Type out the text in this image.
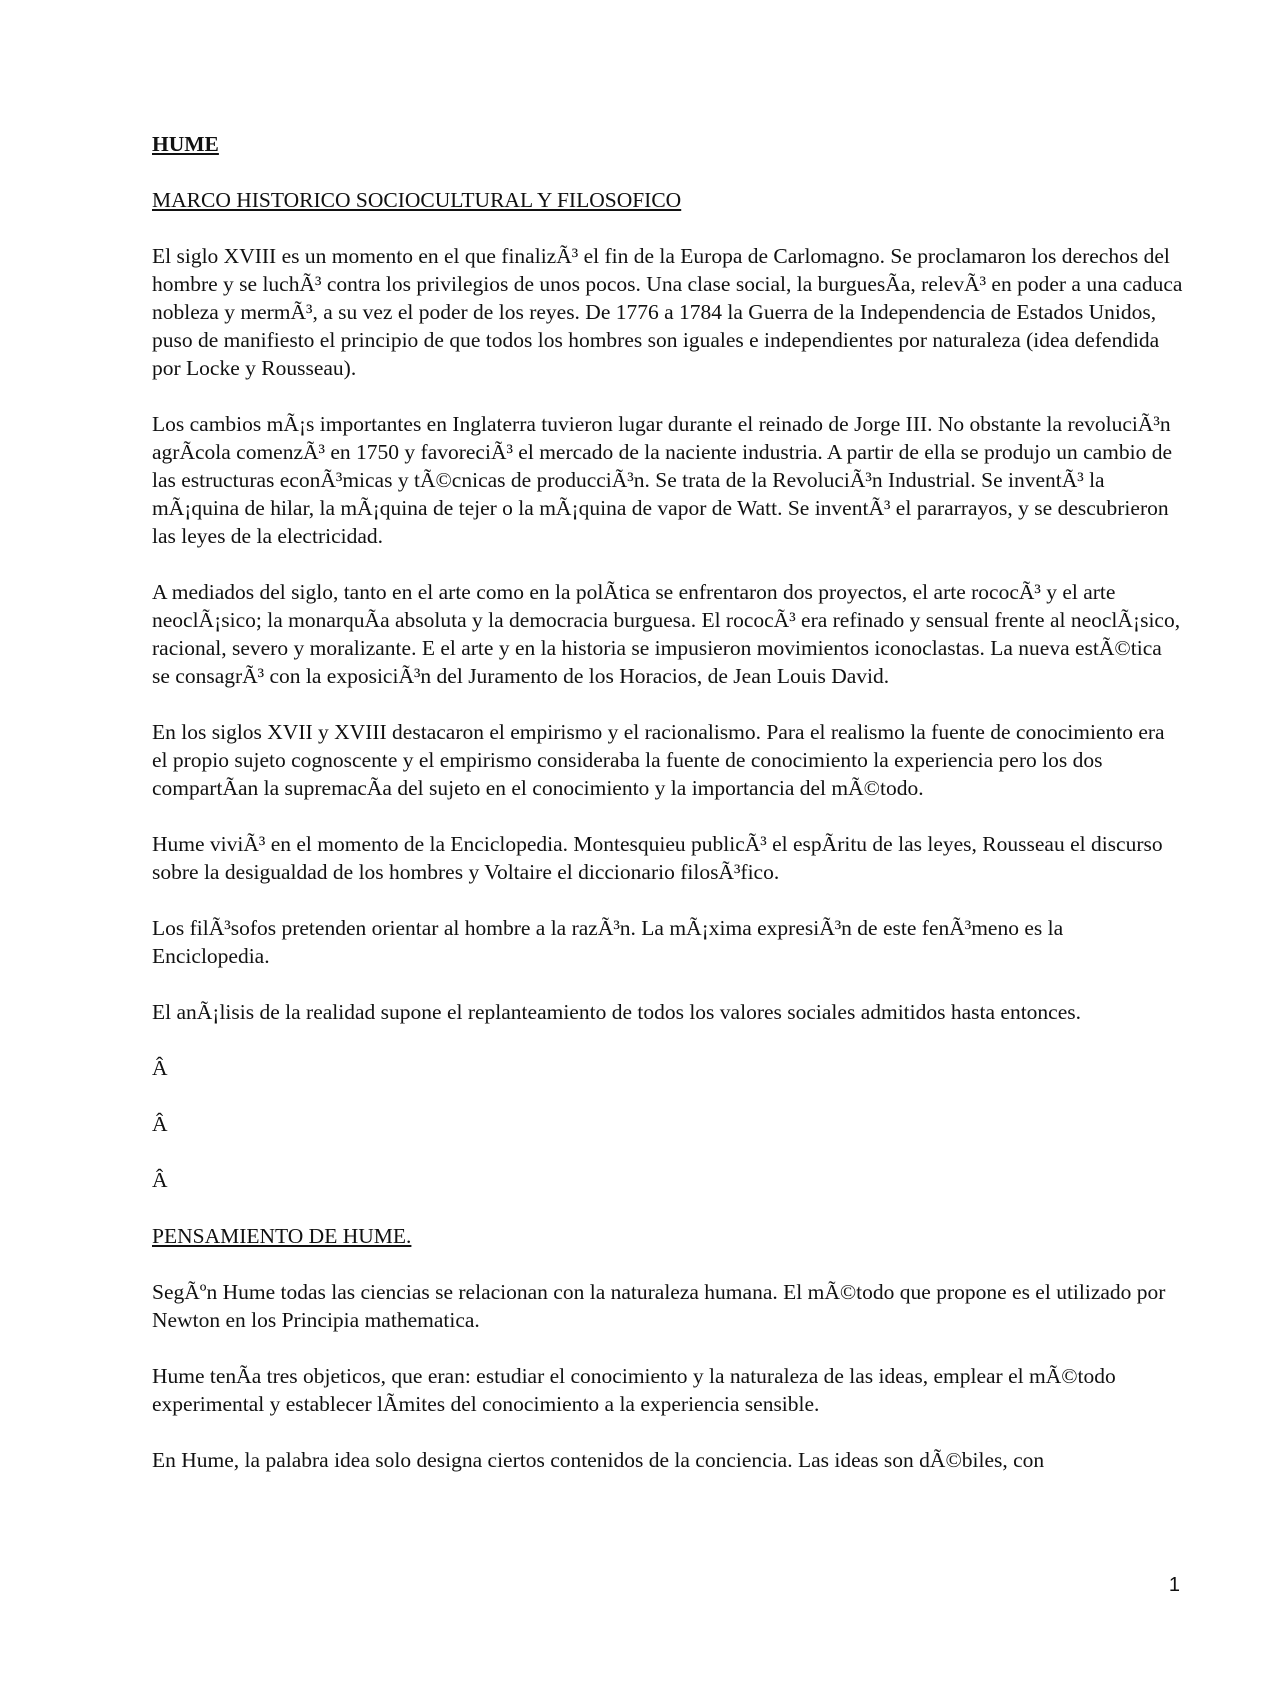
HUME

MARCO HISTORICO SOCIOCULTURAL Y FILOSOFICO

El siglo XVIII es un momento en el que finalizÃ³ el fin de la Europa de Carlomagno. Se proclamaron los derechos del hombre y se luchÃ³ contra los privilegios de unos pocos. Una clase social, la burguesÃa, relevÃ³ en poder a una caduca nobleza y mermÃ³, a su vez el poder de los reyes. De 1776 a 1784 la Guerra de la Independencia de Estados Unidos, puso de manifiesto el principio de que todos los hombres son iguales e independientes por naturaleza (idea defendida por Locke y Rousseau).

Los cambios mÃ¡s importantes en Inglaterra tuvieron lugar durante el reinado de Jorge III. No obstante la revoluciÃ³n agrÃcola comenzÃ³ en 1750 y favoreciÃ³ el mercado de la naciente industria. A partir de ella se produjo un cambio de las estructuras econÃ³micas y tÃ©cnicas de producciÃ³n. Se trata de la RevoluciÃ³n Industrial. Se inventÃ³ la mÃ¡quina de hilar, la mÃ¡quina de tejer o la mÃ¡quina de vapor de Watt. Se inventÃ³ el pararrayos, y se descubrieron las leyes de la electricidad.

A mediados del siglo, tanto en el arte como en la polÃtica se enfrentaron dos proyectos, el arte rococÃ³ y el arte neoclÃ¡sico; la monarquÃa absoluta y la democracia burguesa. El rococÃ³ era refinado y sensual frente al neoclÃ¡sico, racional, severo y moralizante. E el arte y en la historia se impusieron movimientos iconoclastas. La nueva estÃ©tica se consagrÃ³ con la exposiciÃ³n del Juramento de los Horacios, de Jean Louis David.

En los siglos XVII y XVIII destacaron el empirismo y el racionalismo. Para el realismo la fuente de conocimiento era el propio sujeto cognoscente y el empirismo consideraba la fuente de conocimiento la experiencia pero los dos compartÃan la supremacÃa del sujeto en el conocimiento y la importancia del mÃ©todo.

Hume viviÃ³ en el momento de la Enciclopedia. Montesquieu publicÃ³ el espÃritu de las leyes, Rousseau el discurso sobre la desigualdad de los hombres y Voltaire el diccionario filosÃ³fico.

Los filÃ³sofos pretenden orientar al hombre a la razÃ³n. La mÃ¡xima expresiÃ³n de este fenÃ³meno es la Enciclopedia.

El anÃ¡lisis de la realidad supone el replanteamiento de todos los valores sociales admitidos hasta entonces.

Â

Â

Â

PENSAMIENTO DE HUME.

SegÃºn Hume todas las ciencias se relacionan con la naturaleza humana. El mÃ©todo que propone es el utilizado por Newton en los Principia mathematica.

Hume tenÃa tres objeticos, que eran: estudiar el conocimiento y la naturaleza de las ideas, emplear el mÃ©todo experimental y establecer lÃmites del conocimiento a la experiencia sensible.

En Hume, la palabra idea solo designa ciertos contenidos de la conciencia. Las ideas son dÃ©biles, con

1
